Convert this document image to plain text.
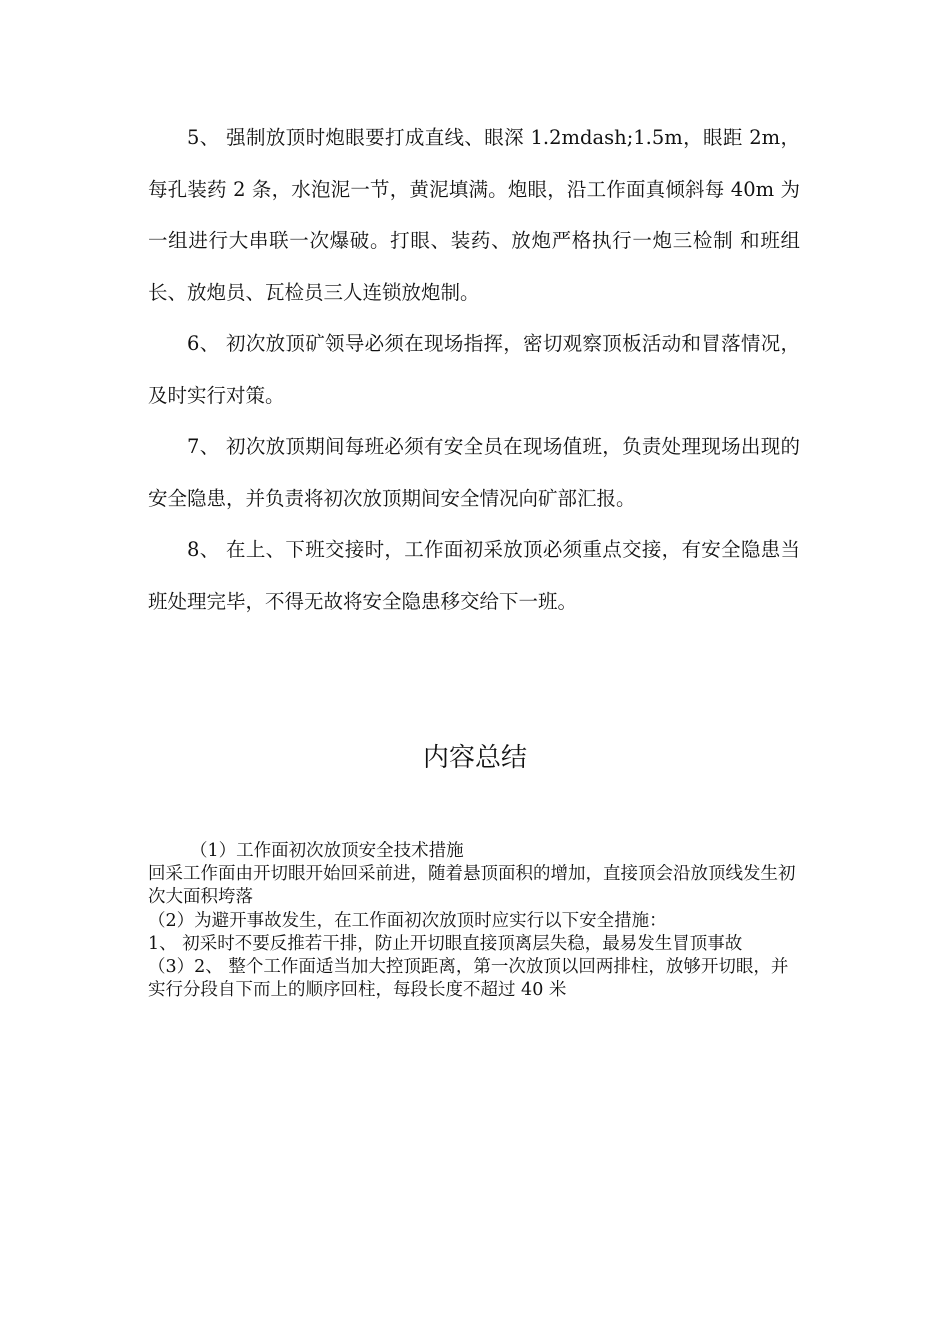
5、 强制放顶时炮眼要打成直线、眼深 1.2mdash;1.5m，眼距 2m，每孔装药 2 条，水泡泥一节，黄泥填满。炮眼，沿工作面真倾斜每 40m 为一组进行大串联一次爆破。打眼、装药、放炮严格执行一炮三检制 和班组长、放炮员、瓦检员三人连锁放炮制。

6、 初次放顶矿领导必须在现场指挥，密切观察顶板活动和冒落情况，及时实行对策。

7、 初次放顶期间每班必须有安全员在现场值班，负责处理现场出现的安全隐患，并负责将初次放顶期间安全情况向矿部汇报。

8、 在上、下班交接时，工作面初采放顶必须重点交接，有安全隐患当班处理完毕，不得无故将安全隐患移交给下一班。

内容总结
（1）工作面初次放顶安全技术措施
回采工作面由开切眼开始回采前进，随着悬顶面积的增加，直接顶会沿放顶线发生初次大面积垮落
（2）为避开事故发生，在工作面初次放顶时应实行以下安全措施：
1、 初采时不要反推若干排，防止开切眼直接顶离层失稳，最易发生冒顶事故
（3）2、 整个工作面适当加大控顶距离，第一次放顶以回两排柱，放够开切眼，并实行分段自下而上的顺序回柱，每段长度不超过 40 米
